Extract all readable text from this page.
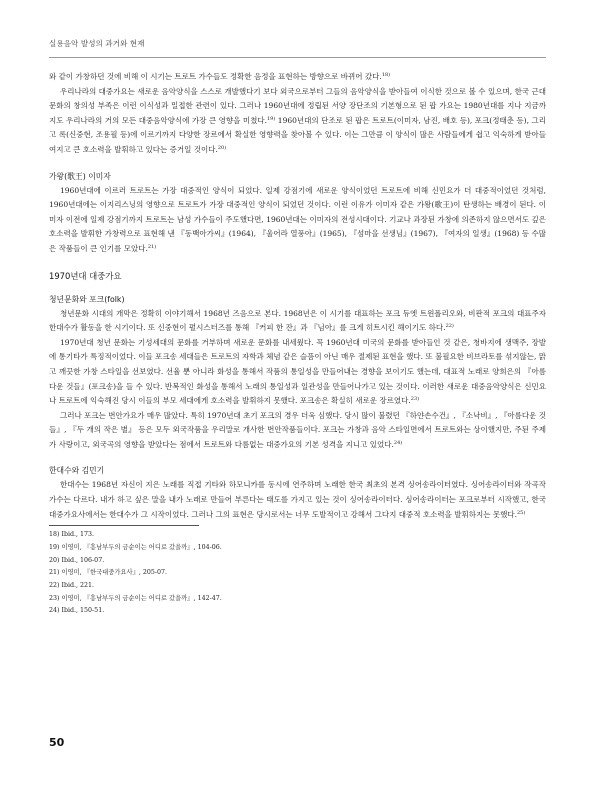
실용음악 발성의 과거와 현재

와 같이 가창하던 것에 비해 이 시기는 트로트 가수들도 정확한 음정을 표현하는 방향으로 바뀌어 갔다.$^{18)}$

우리나라의 대중가요는 새로운 음악양식을 스스로 개발했다기 보다 외국으로부터 그들의 음악양식을 받아들여 이식한 것으로 볼 수 있으며, 한국 근대 문화의 창의성 부족은 이런 이식성과 밀접한 관련이 있다. 그러나 1960년대에 정립된 서양 장단조의 기본형으로 된 팝 가요는 1980년대를 지나 지금까지도 우리나라의 거의 모든 대중음악양식에 가장 큰 영향을 미쳤다.$^{19)}$ 1960년대의 단조로 된 팝은 트로트(이미자, 남진, 배호 등), 포크(정태춘 등), 그리고 록(신중현, 조용필 등)에 이르기까지 다양한 장르에서 확실한 영향력을 찾아볼 수 있다. 이는 그만큼 이 양식이 많은 사람들에게 쉽고 익숙하게 받아들여지고 큰 호소력을 발휘하고 있다는 증거일 것이다.$^{20)}$

가왕(歌王) 이미자

1960년대에 이르러 트로트는 가장 대중적인 양식이 되었다. 일제 강점기에 새로운 양식이었던 트로트에 비해 신민요가 더 대중적이었던 것처럼, 1960년대에는 이지리스닝의 영향으로 트로트가 가장 대중적인 양식이 되었던 것이다. 이런 이유가 이미자 같은 가왕(歌王)이 탄생하는 배경이 된다. 이미자 이전에 일제 강점기까지 트로트는 남성 가수들이 주도했다면, 1960년대는 이미자의 전성시대이다. 기교나 과장된 가창에 의존하지 않으면서도 깊은 호소력을 발휘한 가창력으로 표현해 낸 『동백아가씨』(1964), 『울어라 열풍아』(1965), 『섬마을 선생님』(1967), 『여자의 일생』(1968) 등 수많은 작품들이 큰 인기를 모았다.$^{21)}$

1970년대 대중가요
청년문화와 포크(folk)

청년문화 시대의 개막은 정확히 이야기해서 1968년 즈음으로 본다. 1968년은 이 시기를 대표하는 포크 듀엣 트윈폴리오와, 비판적 포크의 대표주자 한대수가 활동을 한 시기이다. 또 신중현이 펄시스터즈를 통해 『커피 한 잔』과 『님아』를 크게 히트시킨 해이기도 하다.$^{22)}$

1970년대 청년 문화는 기성세대의 문화를 거부하며 새로운 문화를 내세웠다. 꼭 1960년대 미국의 문화를 받아들인 것 같은, 청바지에 생맥주, 장발에 통기타가 특징적이었다. 이들 포크송 세대들은 트로트의 자학과 체념 같은 슬픔이 아닌 매우 절제된 표현을 했다. 또 불필요한 비브라토를 섞지않는, 맑고 깨끗한 가창 스타일을 선보였다. 선율 뿐 아니라 화성을 통해서 작품의 통일성을 만들어내는 경향을 보이기도 했는데, 대표적 노래로 양희은의 『아름다운 것들』(포크송)을 들 수 있다. 반복적인 화성을 통해서 노래의 통일성과 일관성을 만들어나가고 있는 것이다. 이러한 새로운 대중음악양식은 신민요나 트로트에 익숙해진 당시 이들의 부모 세대에게 호소력을 발휘하지 못했다. 포크송은 확실히 새로운 장르였다.$^{23)}$

그러나 포크는 번안가요가 매우 많았다. 특히 1970년대 초기 포크의 경우 더욱 심했다. 당시 많이 불렸던 『하얀손수건』, 『소낙비』, 『아름다운 것들』, 『두 개의 작은 별』 등은 모두 외국작품을 우리말로 개사한 번안작품들이다. 포크는 가창과 음악 스타일면에서 트로트와는 상이했지만, 주된 주제가 사랑이고, 외국곡의 영향을 받았다는 점에서 트로트와 다름없는 대중가요의 기본 성격을 지니고 있었다.$^{24)}$

한대수와 김민기

한대수는 1968년 자신이 지은 노래를 직접 기타와 하모니카를 동시에 연주하며 노래한 한국 최초의 본격 싱어송라이터였다. 싱어송라이터와 작곡작가수는 다르다. 내가 하고 싶은 말을 내가 노래로 만들어 부른다는 태도를 가지고 있는 것이 싱어송라이터다. 싱어송라이터는 포크로부터 시작했고, 한국대중가요사에서는 한대수가 그 시작이었다. 그러나 그의 표현은 당시로서는 너무 도발적이고 강해서 그다지 대중적 호소력을 발휘하지는 못했다.$^{25)}$

18) Ibid., 173.
19) 이영미, 『흥남부두의 금순이는 어디로 갔을까』, 104-06.
20) Ibid., 106-07.
21) 이영미, 『한국대중가요사』, 205-07.
22) Ibid., 221.
23) 이영미, 『흥남부두의 금순이는 어디로 갔을까』, 142-47.
24) Ibid., 150-51.
50
